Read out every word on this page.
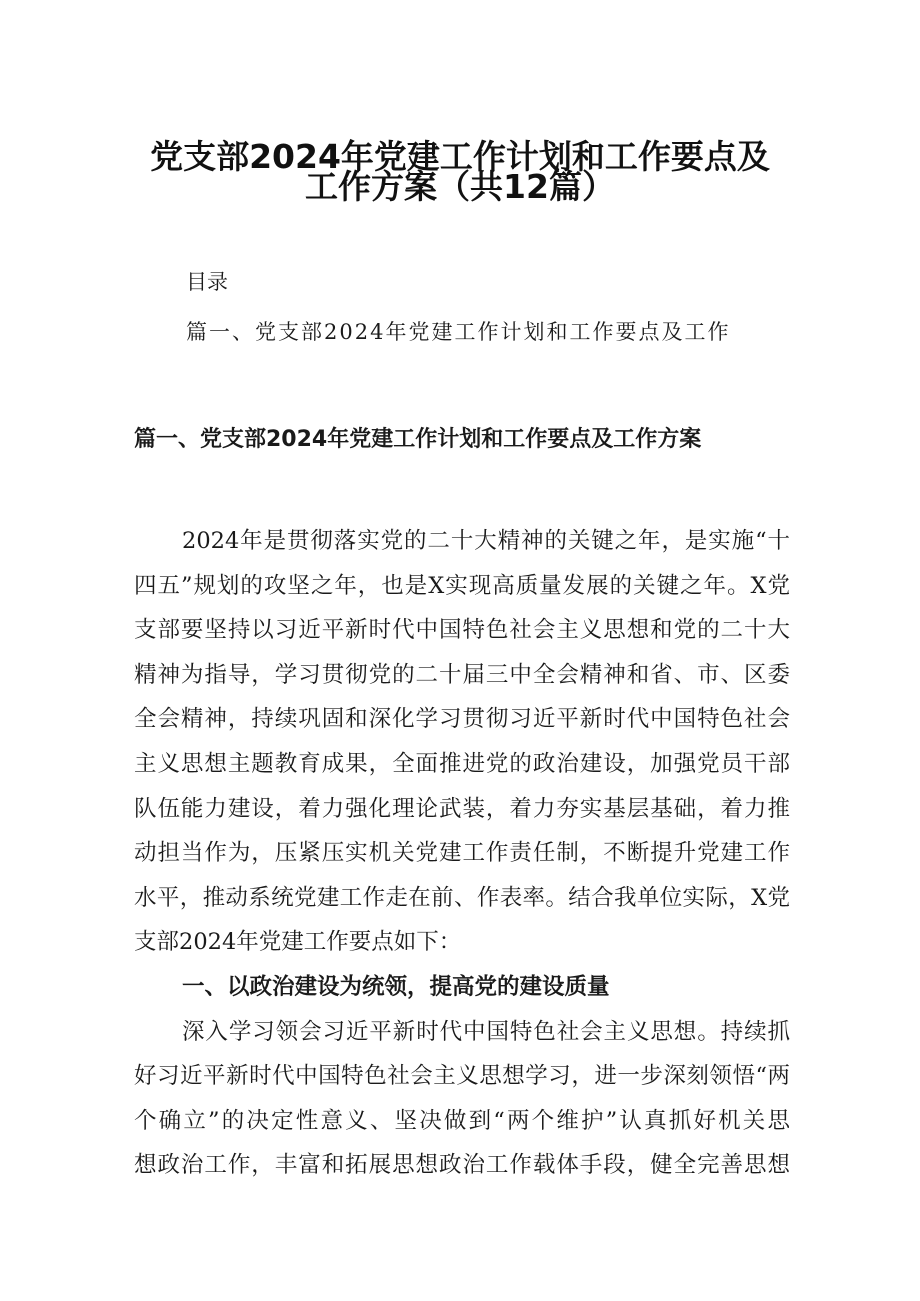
党支部2024年党建工作计划和工作要点及
工作方案（共12篇）
目录
篇一、党支部2024年党建工作计划和工作要点及工作
篇一、党支部2024年党建工作计划和工作要点及工作方案
2024年是贯彻落实党的二十大精神的关键之年，是实施“十
四五”规划的攻坚之年，也是X实现高质量发展的关键之年。X党
支部要坚持以习近平新时代中国特色社会主义思想和党的二十大
精神为指导，学习贯彻党的二十届三中全会精神和省、市、区委
全会精神，持续巩固和深化学习贯彻习近平新时代中国特色社会
主义思想主题教育成果，全面推进党的政治建设，加强党员干部
队伍能力建设，着力强化理论武装，着力夯实基层基础，着力推
动担当作为，压紧压实机关党建工作责任制，不断提升党建工作
水平，推动系统党建工作走在前、作表率。结合我单位实际，X党
支部2024年党建工作要点如下：
一、以政治建设为统领，提高党的建设质量
深入学习领会习近平新时代中国特色社会主义思想。持续抓
好习近平新时代中国特色社会主义思想学习，进一步深刻领悟“两
个确立”的决定性意义、坚决做到“两个维护”认真抓好机关思
想政治工作，丰富和拓展思想政治工作载体手段，健全完善思想
